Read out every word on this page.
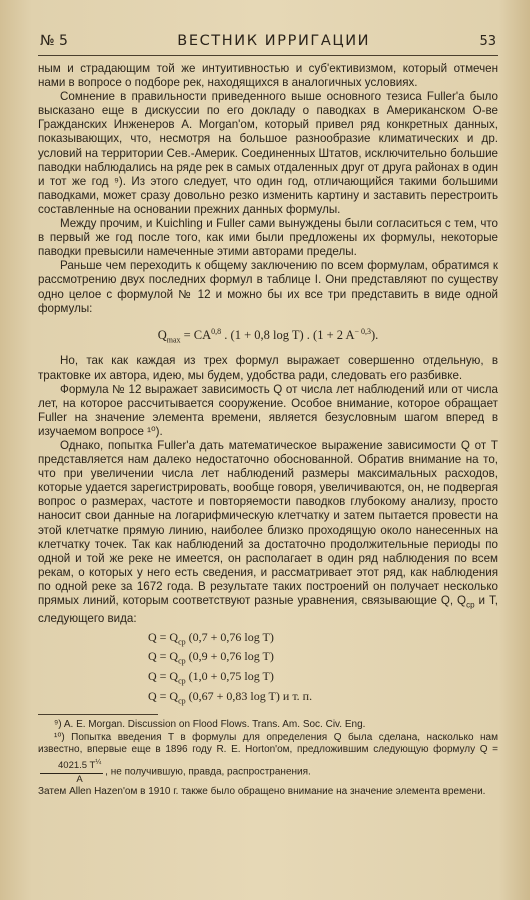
№ 5	ВЕСТНИК ИРРИГАЦИИ	53

ным и страдающим той же интуитивностью и суб'ективизмом, который отмечен нами в вопросе о подборе рек, находящихся в аналогичных условиях.

Сомнение в правильности приведенного выше основного тезиса Fuller'а было высказано еще в дискуссии по его докладу о паводках в Американском О-ве Гражданских Инженеров А. Morgan'ом, который привел ряд конкретных данных, показывающих, что, несмотря на большое разнообразие климатических и др. условий на территории Сев.-Америк. Соединенных Штатов, исключительно большие паводки наблюдались на ряде рек в самых отдаленных друг от друга районах в один и тот же год ⁹). Из этого следует, что один год, отличающийся такими большими паводками, может сразу довольно резко изменить картину и заставить перестроить составленные на основании прежних данных формулы.

Между прочим, и Kuichling и Fuller сами вынуждены были согласиться с тем, что в первый же год после того, как ими были предложены их формулы, некоторые паводки превысили намеченные этими авторами пределы.

Раньше чем переходить к общему заключению по всем формулам, обратимся к рассмотрению двух последних формул в таблице I. Они представляют по существу одно целое с формулой № 12 и можно бы их все три представить в виде одной формулы:

$Q_{max} = CA^{0,8}$ . (1 + 0,8 log T) . (1 + 2 $A^{- 0,3}$).

Но, так как каждая из трех формул выражает совершенно отдельную, в трактовке их автора, идею, мы будем, удобства ради, следовать его разбивке.

Формула № 12 выражает зависимость Q от числа лет наблюдений или от числа лет, на которое рассчитывается сооружение. Особое внимание, которое обращает Fuller на значение элемента времени, является безусловным шагом вперед в изучаемом вопросе ¹⁰).

Однако, попытка Fuller'а дать математическое выражение зависимости Q от T представляется нам далеко недостаточно обоснованной. Обратив внимание на то, что при увеличении числа лет наблюдений размеры максимальных расходов, которые удается зарегистрировать, вообще говоря, увеличиваются, он, не подвергая вопрос о размерах, частоте и повторяемости паводков глубокому анализу, просто наносит свои данные на логарифмическую клетчатку и затем пытается провести на этой клетчатке прямую линию, наиболее близко проходящую около нанесенных на клетчатку точек. Так как наблюдений за достаточно продолжительные периоды по одной и той же реке не имеется, он располагает в один ряд наблюдения по всем рекам, о которых у него есть сведения, и рассматривает этот ряд, как наблюдения по одной реке за 1672 года. В результате таких построений он получает несколько прямых линий, которым соответствуют разные уравнения, связывающие Q, $Q_{cp}$ и T, следующего вида:

$Q = Q_{cp}$ (0,7 + 0,76 log T)
$Q = Q_{cp}$ (0,9 + 0,76 log T)
$Q = Q_{cp}$ (1,0 + 0,75 log T)
$Q = Q_{cp}$ (0,67 + 0,83 log T) и т. п.

⁹) A. E. Morgan. Discussion on Flood Flows. Trans. Am. Soc. Civ. Eng.

¹⁰) Попытка введения T в формулы для определения Q была сделана, насколько нам известно, впервые еще в 1896 году R. E. Horton'ом, предложившим следующую формулу Q =
$\frac{4021.5 T^{\frac{1}{4}}}{A}$ , не получившую, правда, распространения.

Затем Allen Hazen'ом в 1910 г. также было обращено внимание на значение элемента времени.
